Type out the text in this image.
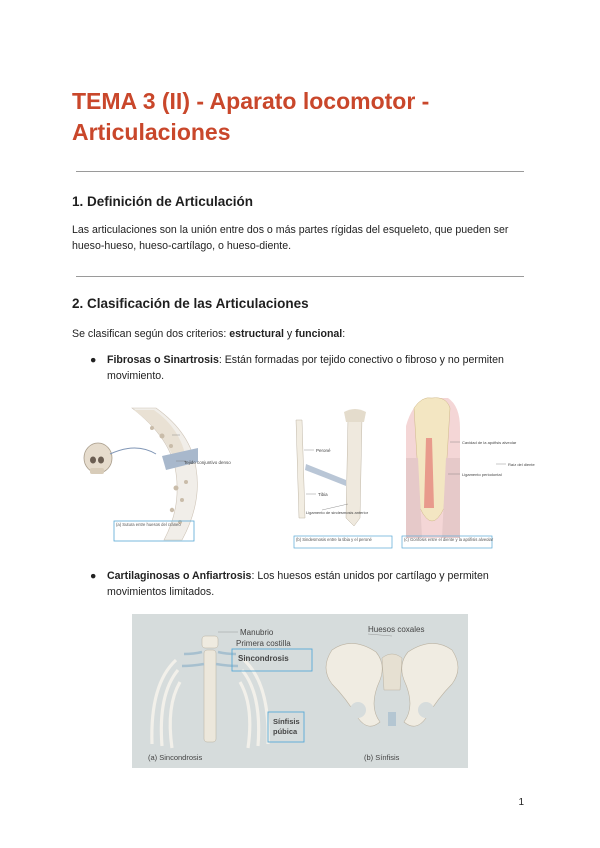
TEMA 3 (II) - Aparato locomotor - Articulaciones
1. Definición de Articulación

Las articulaciones son la unión entre dos o más partes rígidas del esqueleto, que pueden ser hueso-hueso, hueso-cartílago, o hueso-diente.

2. Clasificación de las Articulaciones

Se clasifican según dos criterios: estructural y funcional:

● Fibrosas o Sinartrosis: Están formadas por tejido conectivo o fibroso y no permiten movimiento.
Tejido conjuntivo denso
(a) Sutura entre huesos del cráneo
Peroné
Tibia
Ligamento de sindesmosis anterior
(b) Sindesmosis entre la tibia y el peroné
Cavidad de la apófisis alveolar
Ligamento periodontal
Raíz del diente
(c) Gonfosis entre el diente y la apófisis alveolar
● Cartilaginosas o Anfiartrosis: Los huesos están unidos por cartílago y permiten movimientos limitados.
Manubrio
Primera costilla
Sincondrosis
Huesos coxales
Sínfisis
púbica
(a) Sincondrosis	(b) Sínfisis
1
